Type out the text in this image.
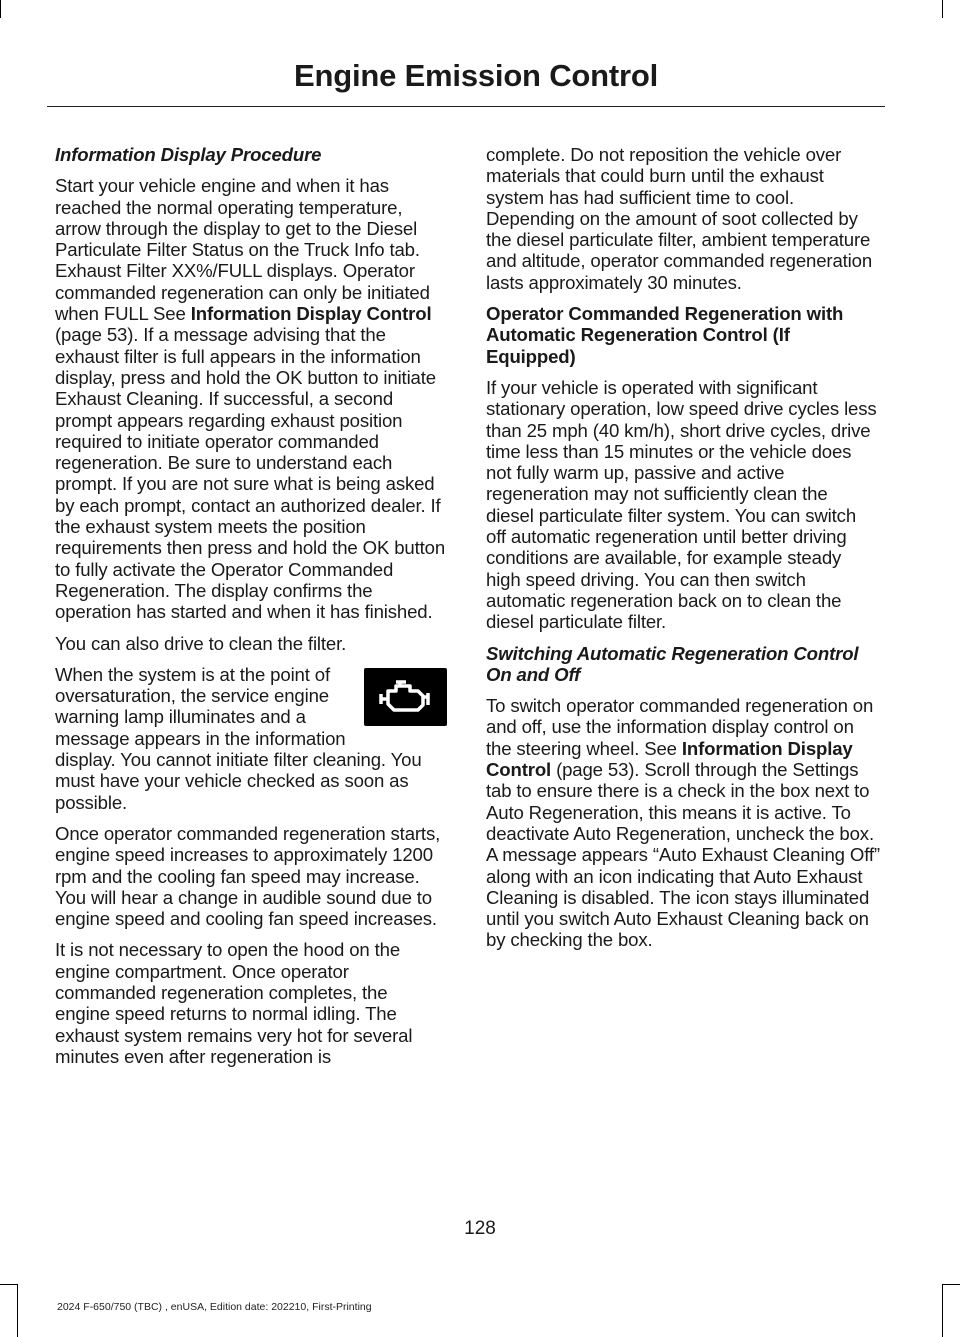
Engine Emission Control
Information Display Procedure

Start your vehicle engine and when it has reached the normal operating temperature, arrow through the display to get to the Diesel Particulate Filter Status on the Truck Info tab. Exhaust Filter XX%/FULL displays. Operator commanded regeneration can only be initiated when FULL See Information Display Control (page 53). If a message advising that the exhaust filter is full appears in the information display, press and hold the OK button to initiate Exhaust Cleaning. If successful, a second prompt appears regarding exhaust position required to initiate operator commanded regeneration. Be sure to understand each prompt. If you are not sure what is being asked by each prompt, contact an authorized dealer. If the exhaust system meets the position requirements then press and hold the OK button to fully activate the Operator Commanded Regeneration. The display confirms the operation has started and when it has finished.

You can also drive to clean the filter.

When the system is at the point of oversaturation, the service engine warning lamp illuminates and a message appears in the information display. You cannot initiate filter cleaning. You must have your vehicle checked as soon as possible.

Once operator commanded regeneration starts, engine speed increases to approximately 1200 rpm and the cooling fan speed may increase. You will hear a change in audible sound due to engine speed and cooling fan speed increases.

It is not necessary to open the hood on the engine compartment. Once operator commanded regeneration completes, the engine speed returns to normal idling. The exhaust system remains very hot for several minutes even after regeneration is

complete. Do not reposition the vehicle over materials that could burn until the exhaust system has had sufficient time to cool. Depending on the amount of soot collected by the diesel particulate filter, ambient temperature and altitude, operator commanded regeneration lasts approximately 30 minutes.

Operator Commanded Regeneration with Automatic Regeneration Control (If Equipped)

If your vehicle is operated with significant stationary operation, low speed drive cycles less than 25 mph (40 km/h), short drive cycles, drive time less than 15 minutes or the vehicle does not fully warm up, passive and active regeneration may not sufficiently clean the diesel particulate filter system. You can switch off automatic regeneration until better driving conditions are available, for example steady high speed driving. You can then switch automatic regeneration back on to clean the diesel particulate filter.

Switching Automatic Regeneration Control On and Off

To switch operator commanded regeneration on and off, use the information display control on the steering wheel. See Information Display Control (page 53). Scroll through the Settings tab to ensure there is a check in the box next to Auto Regeneration, this means it is active. To deactivate Auto Regeneration, uncheck the box. A message appears “Auto Exhaust Cleaning Off” along with an icon indicating that Auto Exhaust Cleaning is disabled. The icon stays illuminated until you switch Auto Exhaust Cleaning back on by checking the box.

128
2024 F-650/750 (TBC) , enUSA, Edition date: 202210, First-Printing
